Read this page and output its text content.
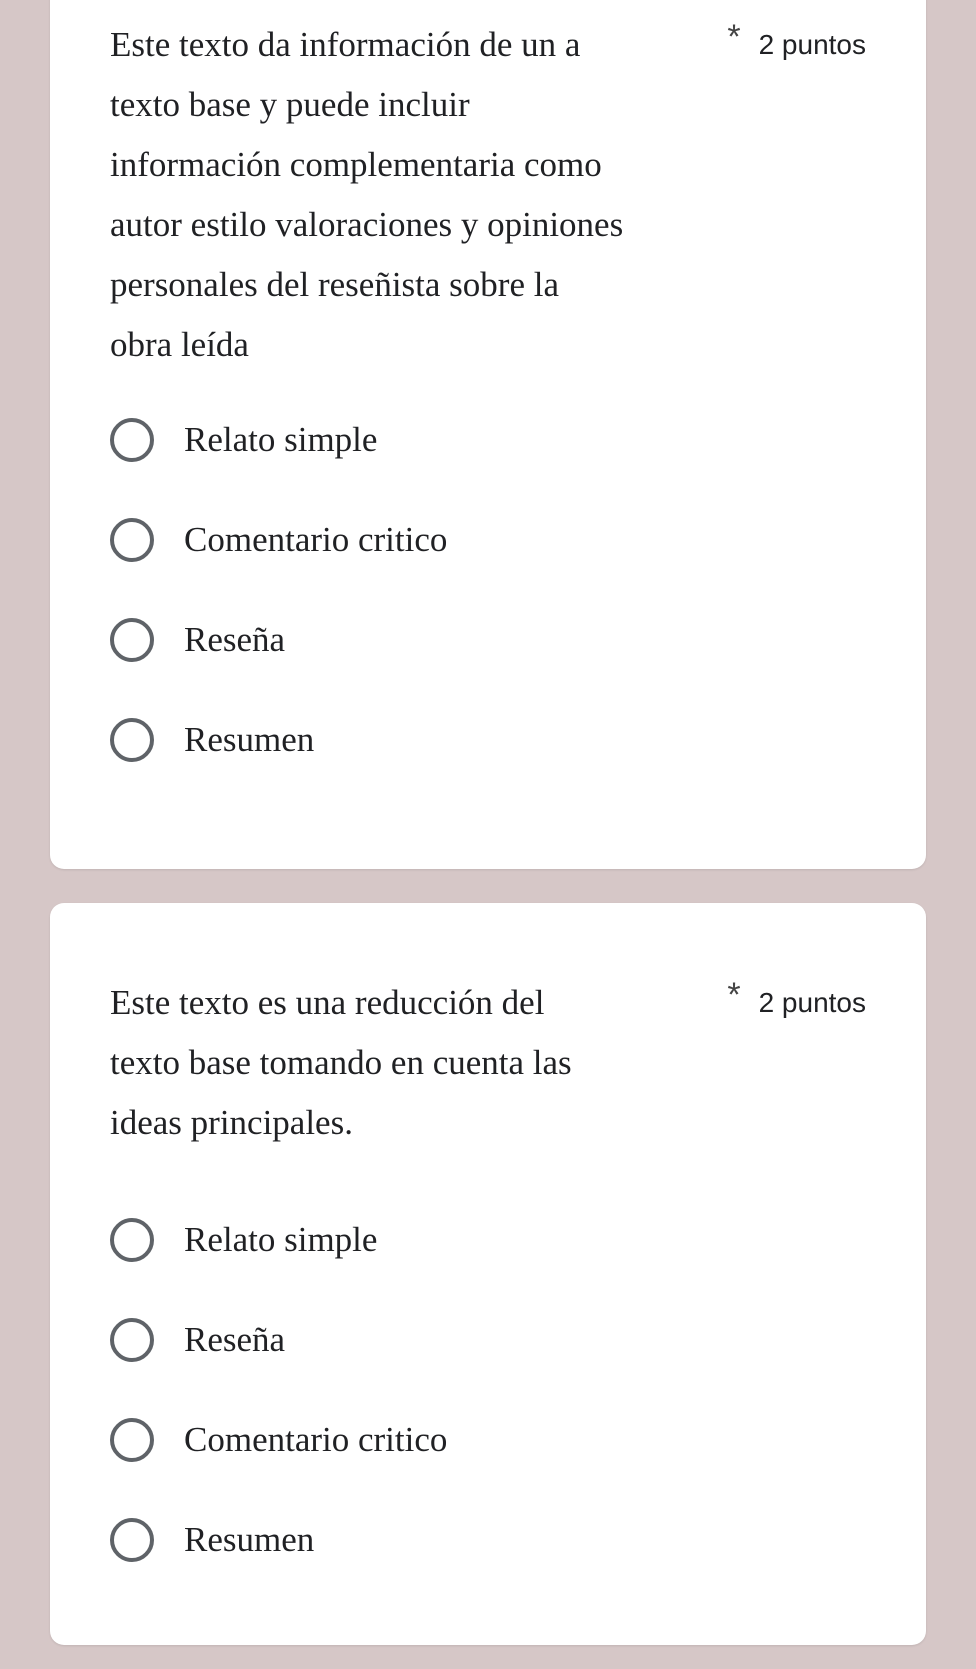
Este texto da información de un a
texto base y puede incluir
información complementaria como
autor estilo valoraciones y opiniones
personales del reseñista sobre la
obra leída

* 2 puntos
Relato simple
Comentario critico
Reseña
Resumen

Este texto es una reducción del
texto base tomando en cuenta las
ideas principales.

* 2 puntos
Relato simple
Reseña
Comentario critico
Resumen
